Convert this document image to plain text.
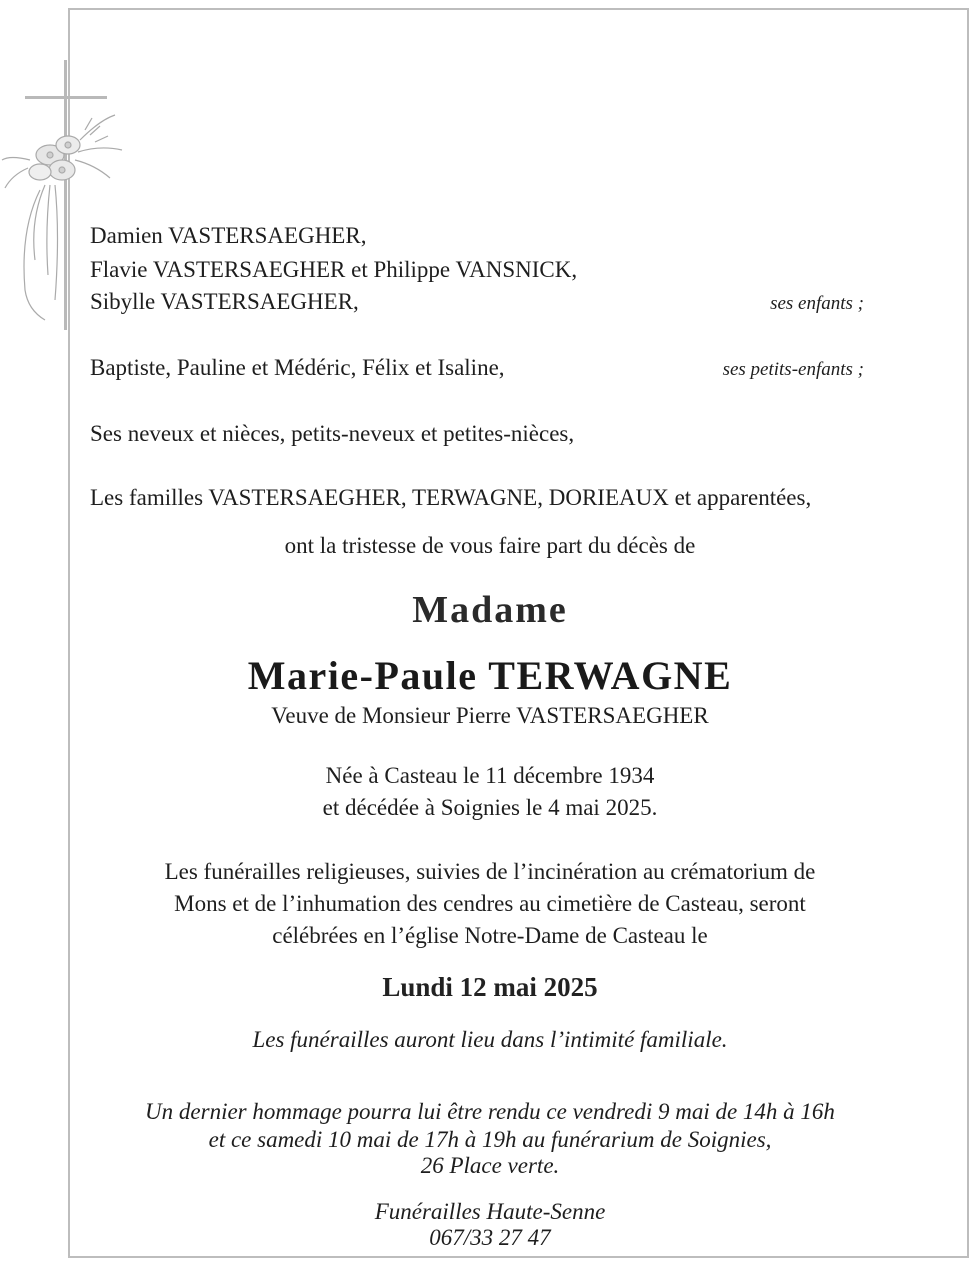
Damien VASTERSAEGHER,
Flavie VASTERSAEGHER et Philippe VANSNICK,
Sibylle VASTERSAEGHER,	ses enfants ;
Baptiste, Pauline et Médéric, Félix et Isaline,	ses petits-enfants ;
Ses neveux et nièces, petits-neveux et petites-nièces,
Les familles VASTERSAEGHER, TERWAGNE, DORIEAUX et apparentées,
ont la tristesse de vous faire part du décès de
Madame
Marie-Paule TERWAGNE
Veuve de Monsieur Pierre VASTERSAEGHER
Née à Casteau le 11 décembre 1934
et décédée à Soignies le 4 mai 2025.
Les funérailles religieuses, suivies de l’incinération au crématorium de
Mons et de l’inhumation des cendres au cimetière de Casteau, seront
célébrées en l’église Notre-Dame de Casteau le
Lundi 12 mai 2025
Les funérailles auront lieu dans l’intimité familiale.
Un dernier hommage pourra lui être rendu ce vendredi 9 mai de 14h à 16h
et ce samedi 10 mai de 17h à 19h au funérarium de Soignies,
26 Place verte.
Funérailles Haute-Senne
067/33 27 47
